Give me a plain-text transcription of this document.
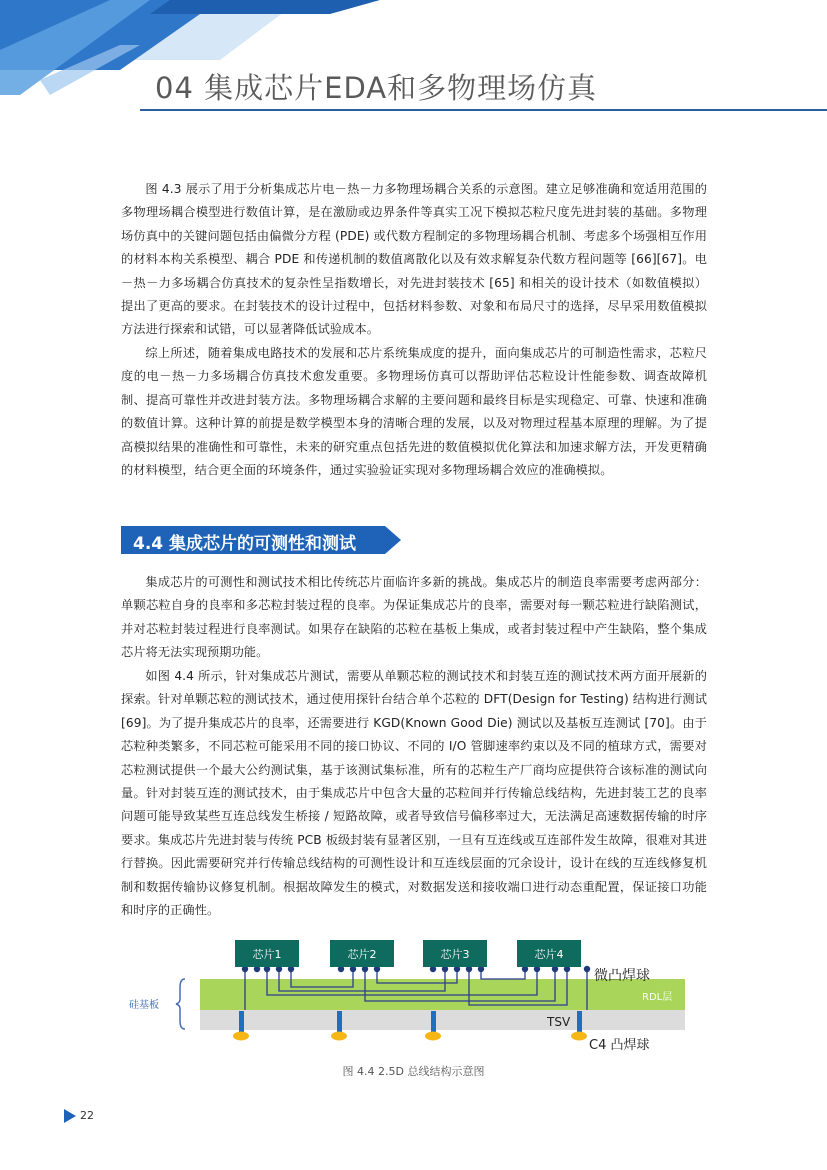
04 集成芯片EDA和多物理场仿真

图 4.3 展示了用于分析集成芯片电－热－力多物理场耦合关系的示意图。建立足够准确和宽适用范围的多物理场耦合模型进行数值计算，是在激励或边界条件等真实工况下模拟芯粒尺度先进封装的基础。多物理场仿真中的关键问题包括由偏微分方程 (PDE) 或代数方程制定的多物理场耦合机制、考虑多个场强相互作用的材料本构关系模型、耦合 PDE 和传递机制的数值离散化以及有效求解复杂代数方程问题等 [66][67]。电－热－力多场耦合仿真技术的复杂性呈指数增长，对先进封装技术 [65] 和相关的设计技术（如数值模拟）提出了更高的要求。在封装技术的设计过程中，包括材料参数、对象和布局尺寸的选择，尽早采用数值模拟方法进行探索和试错，可以显著降低试验成本。

综上所述，随着集成电路技术的发展和芯片系统集成度的提升，面向集成芯片的可制造性需求，芯粒尺度的电－热－力多场耦合仿真技术愈发重要。多物理场仿真可以帮助评估芯粒设计性能参数、调查故障机制、提高可靠性并改进封装方法。多物理场耦合求解的主要问题和最终目标是实现稳定、可靠、快速和准确的数值计算。这种计算的前提是数学模型本身的清晰合理的发展，以及对物理过程基本原理的理解。为了提高模拟结果的准确性和可靠性，未来的研究重点包括先进的数值模拟优化算法和加速求解方法，开发更精确的材料模型，结合更全面的环境条件，通过实验验证实现对多物理场耦合效应的准确模拟。

4.4 集成芯片的可测性和测试

集成芯片的可测性和测试技术相比传统芯片面临许多新的挑战。集成芯片的制造良率需要考虑两部分：单颗芯粒自身的良率和多芯粒封装过程的良率。为保证集成芯片的良率，需要对每一颗芯粒进行缺陷测试，并对芯粒封装过程进行良率测试。如果存在缺陷的芯粒在基板上集成，或者封装过程中产生缺陷，整个集成芯片将无法实现预期功能。

如图 4.4 所示，针对集成芯片测试，需要从单颗芯粒的测试技术和封装互连的测试技术两方面开展新的探索。针对单颗芯粒的测试技术，通过使用探针台结合单个芯粒的 DFT(Design for Testing) 结构进行测试 [69]。为了提升集成芯片的良率，还需要进行 KGD(Known Good Die) 测试以及基板互连测试 [70]。由于芯粒种类繁多，不同芯粒可能采用不同的接口协议、不同的 I/O 管脚速率约束以及不同的植球方式，需要对芯粒测试提供一个最大公约测试集，基于该测试集标准，所有的芯粒生产厂商均应提供符合该标准的测试向量。针对封装互连的测试技术，由于集成芯片中包含大量的芯粒间并行传输总线结构，先进封装工艺的良率问题可能导致某些互连总线发生桥接 / 短路故障，或者导致信号偏移率过大，无法满足高速数据传输的时序要求。集成芯片先进封装与传统 PCB 板级封装有显著区别，一旦有互连线或互连部件发生故障，很难对其进行替换。因此需要研究并行传输总线结构的可测性设计和互连线层面的冗余设计，设计在线的互连线修复机制和数据传输协议修复机制。根据故障发生的模式，对数据发送和接收端口进行动态重配置，保证接口功能和时序的正确性。

芯片1	芯片2	芯片3	芯片4
硅基板
微凸焊球
RDL层
TSV
C4 凸焊球
图 4.4 2.5D 总线结构示意图
22
